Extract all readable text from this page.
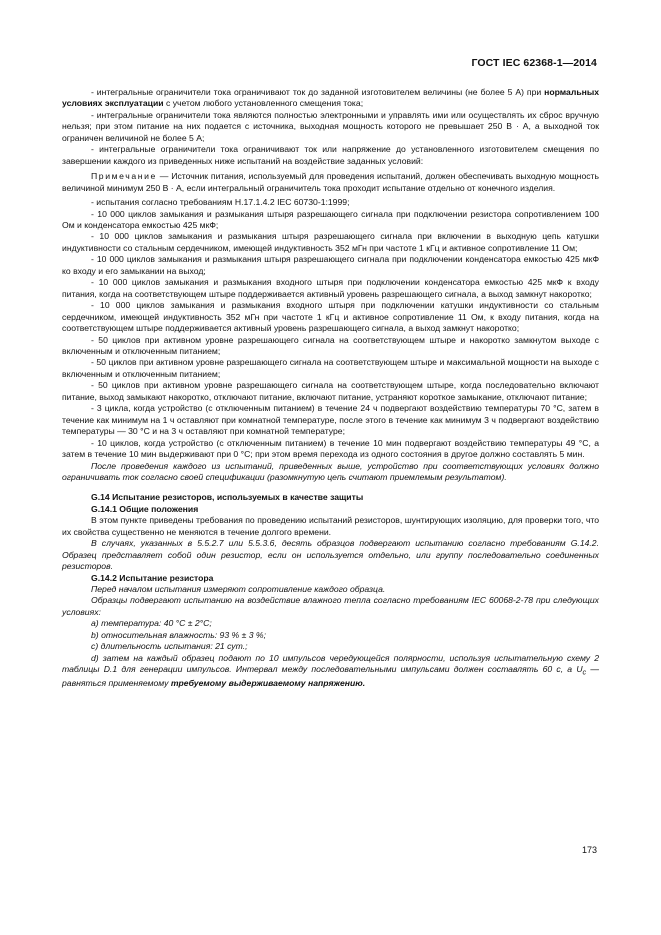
ГОСТ IEC 62368-1—2014

- интегральные ограничители тока ограничивают ток до заданной изготовителем величины (не более 5 А) при нормальных условиях эксплуатации с учетом любого установленного смещения тока;

- интегральные ограничители тока являются полностью электронными и управлять ими или осуществлять их сброс вручную нельзя; при этом питание на них подается с источника, выходная мощность которого не превышает 250 В · А, а выходной ток ограничен величиной не более 5 А;

- интегральные ограничители тока ограничивают ток или напряжение до установленного изготовителем смещения по завершении каждого из приведенных ниже испытаний на воздействие заданных условий:

Примечание — Источник питания, используемый для проведения испытаний, должен обеспечивать выходную мощность величиной минимум 250 В · А, если интегральный ограничитель тока проходит испытание отдельно от конечного изделия.

- испытания согласно требованиям H.17.1.4.2 IEC 60730-1:1999;

- 10 000 циклов замыкания и размыкания штыря разрешающего сигнала при подключении резистора сопротивлением 100 Ом и конденсатора емкостью 425 мкФ;

- 10 000 циклов замыкания и размыкания штыря разрешающего сигнала при включении в выходную цепь катушки индуктивности со стальным сердечником, имеющей индуктивность 352 мГн при частоте 1 кГц и активное сопротивление 11 Ом;

- 10 000 циклов замыкания и размыкания штыря разрешающего сигнала при подключении конденсатора емкостью 425 мкФ ко входу и его замыкании на выход;

- 10 000 циклов замыкания и размыкания входного штыря при подключении конденсатора емкостью 425 мкФ к входу питания, когда на соответствующем штыре поддерживается активный уровень разрешающего сигнала, а выход замкнут накоротко;

- 10 000 циклов замыкания и размыкания входного штыря при подключении катушки индуктивности со стальным сердечником, имеющей индуктивность 352 мГн при частоте 1 кГц и активное сопротивление 11 Ом, к входу питания, когда на соответствующем штыре поддерживается активный уровень разрешающего сигнала, а выход замкнут накоротко;

- 50 циклов при активном уровне разрешающего сигнала на соответствующем штыре и накоротко замкнутом выходе с включенным и отключенным питанием;

- 50 циклов при активном уровне разрешающего сигнала на соответствующем штыре и максимальной мощности на выходе с включенным и отключенным питанием;

- 50 циклов при активном уровне разрешающего сигнала на соответствующем штыре, когда последовательно включают питание, выход замыкают накоротко, отключают питание, включают питание, устраняют короткое замыкание, отключают питание;

- 3 цикла, когда устройство (с отключенным питанием) в течение 24 ч подвергают воздействию температуры 70 °С, затем в течение как минимум на 1 ч оставляют при комнатной температуре, после этого в течение как минимум 3 ч подвергают воздействию температуры — 30 °С и на 3 ч оставляют при комнатной температуре;

- 10 циклов, когда устройство (с отключенным питанием) в течение 10 мин подвергают воздействию температуры 49 °С, а затем в течение 10 мин выдерживают при 0 °С; при этом время перехода из одного состояния в другое должно составлять 5 мин.

После проведения каждого из испытаний, приведенных выше, устройство при соответствующих условиях должно ограничивать ток согласно своей спецификации (разомкнутую цепь считают приемлемым результатом).

G.14 Испытание резисторов, используемых в качестве защиты

G.14.1 Общие положения

В этом пункте приведены требования по проведению испытаний резисторов, шунтирующих изоляцию, для проверки того, что их свойства существенно не меняются в течение долгого времени.

В случаях, указанных в 5.5.2.7 или 5.5.3.6, десять образцов подвергают испытанию согласно требованиям G.14.2. Образец представляет собой один резистор, если он используется отдельно, или группу последовательно соединенных резисторов.

G.14.2 Испытание резистора

Перед началом испытания измеряют сопротивление каждого образца.

Образцы подвергают испытанию на воздействие влажного тепла согласно требованиям IEC 60068-2-78 при следующих условиях:

а) температура: 40 °С ± 2°С;

b) относительная влажность: 93 % ± 3 %;

с) длительность испытания: 21 сут.;

d) затем на каждый образец подают по 10 импульсов чередующейся полярности, используя испытательную схему 2 таблицы D.1 для генерации импульсов. Интервал между последовательными импульсами должен составлять 60 с, а $U_c$ — равняться применяемому требуемому выдерживаемому напряжению.

173
